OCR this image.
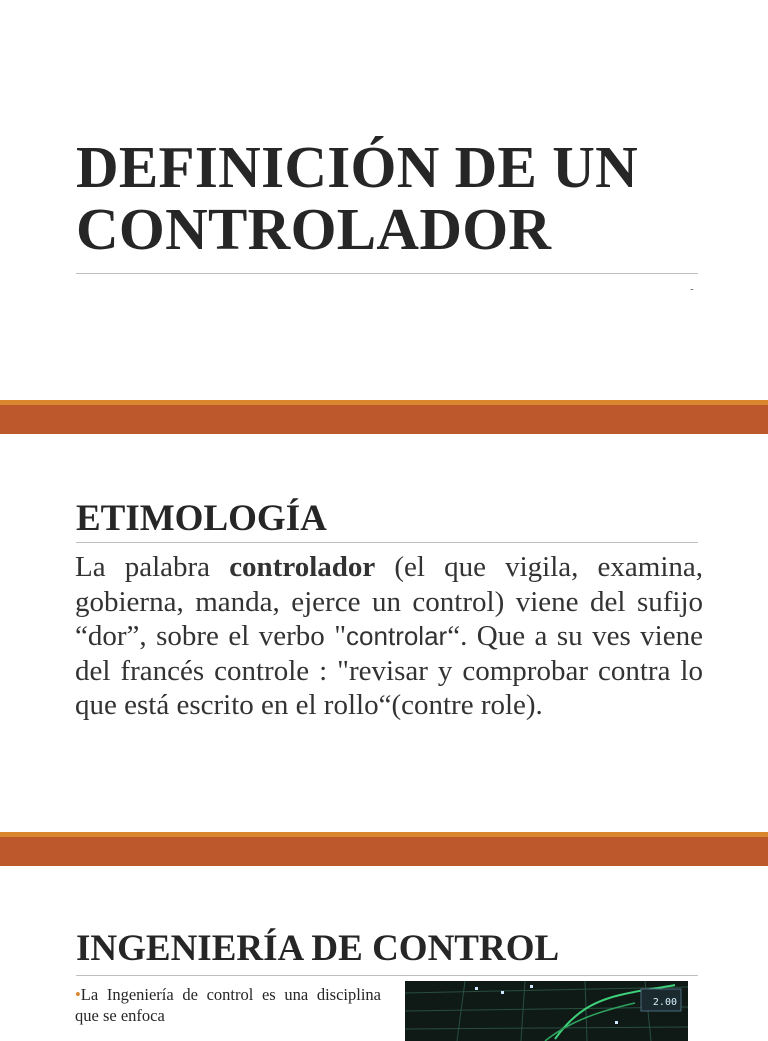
DEFINICIÓN DE UN
CONTROLADOR
-
ETIMOLOGÍA

La palabra controlador (el que vigila, examina, gobierna, manda, ejerce un control) viene del sufijo “dor”, sobre el verbo "controlar“. Que a su ves viene del francés controle : "revisar y comprobar contra lo que está escrito en el rollo“(contre role).

INGENIERÍA DE CONTROL

•La Ingeniería de control es una disciplina que se enfoca

2.00
